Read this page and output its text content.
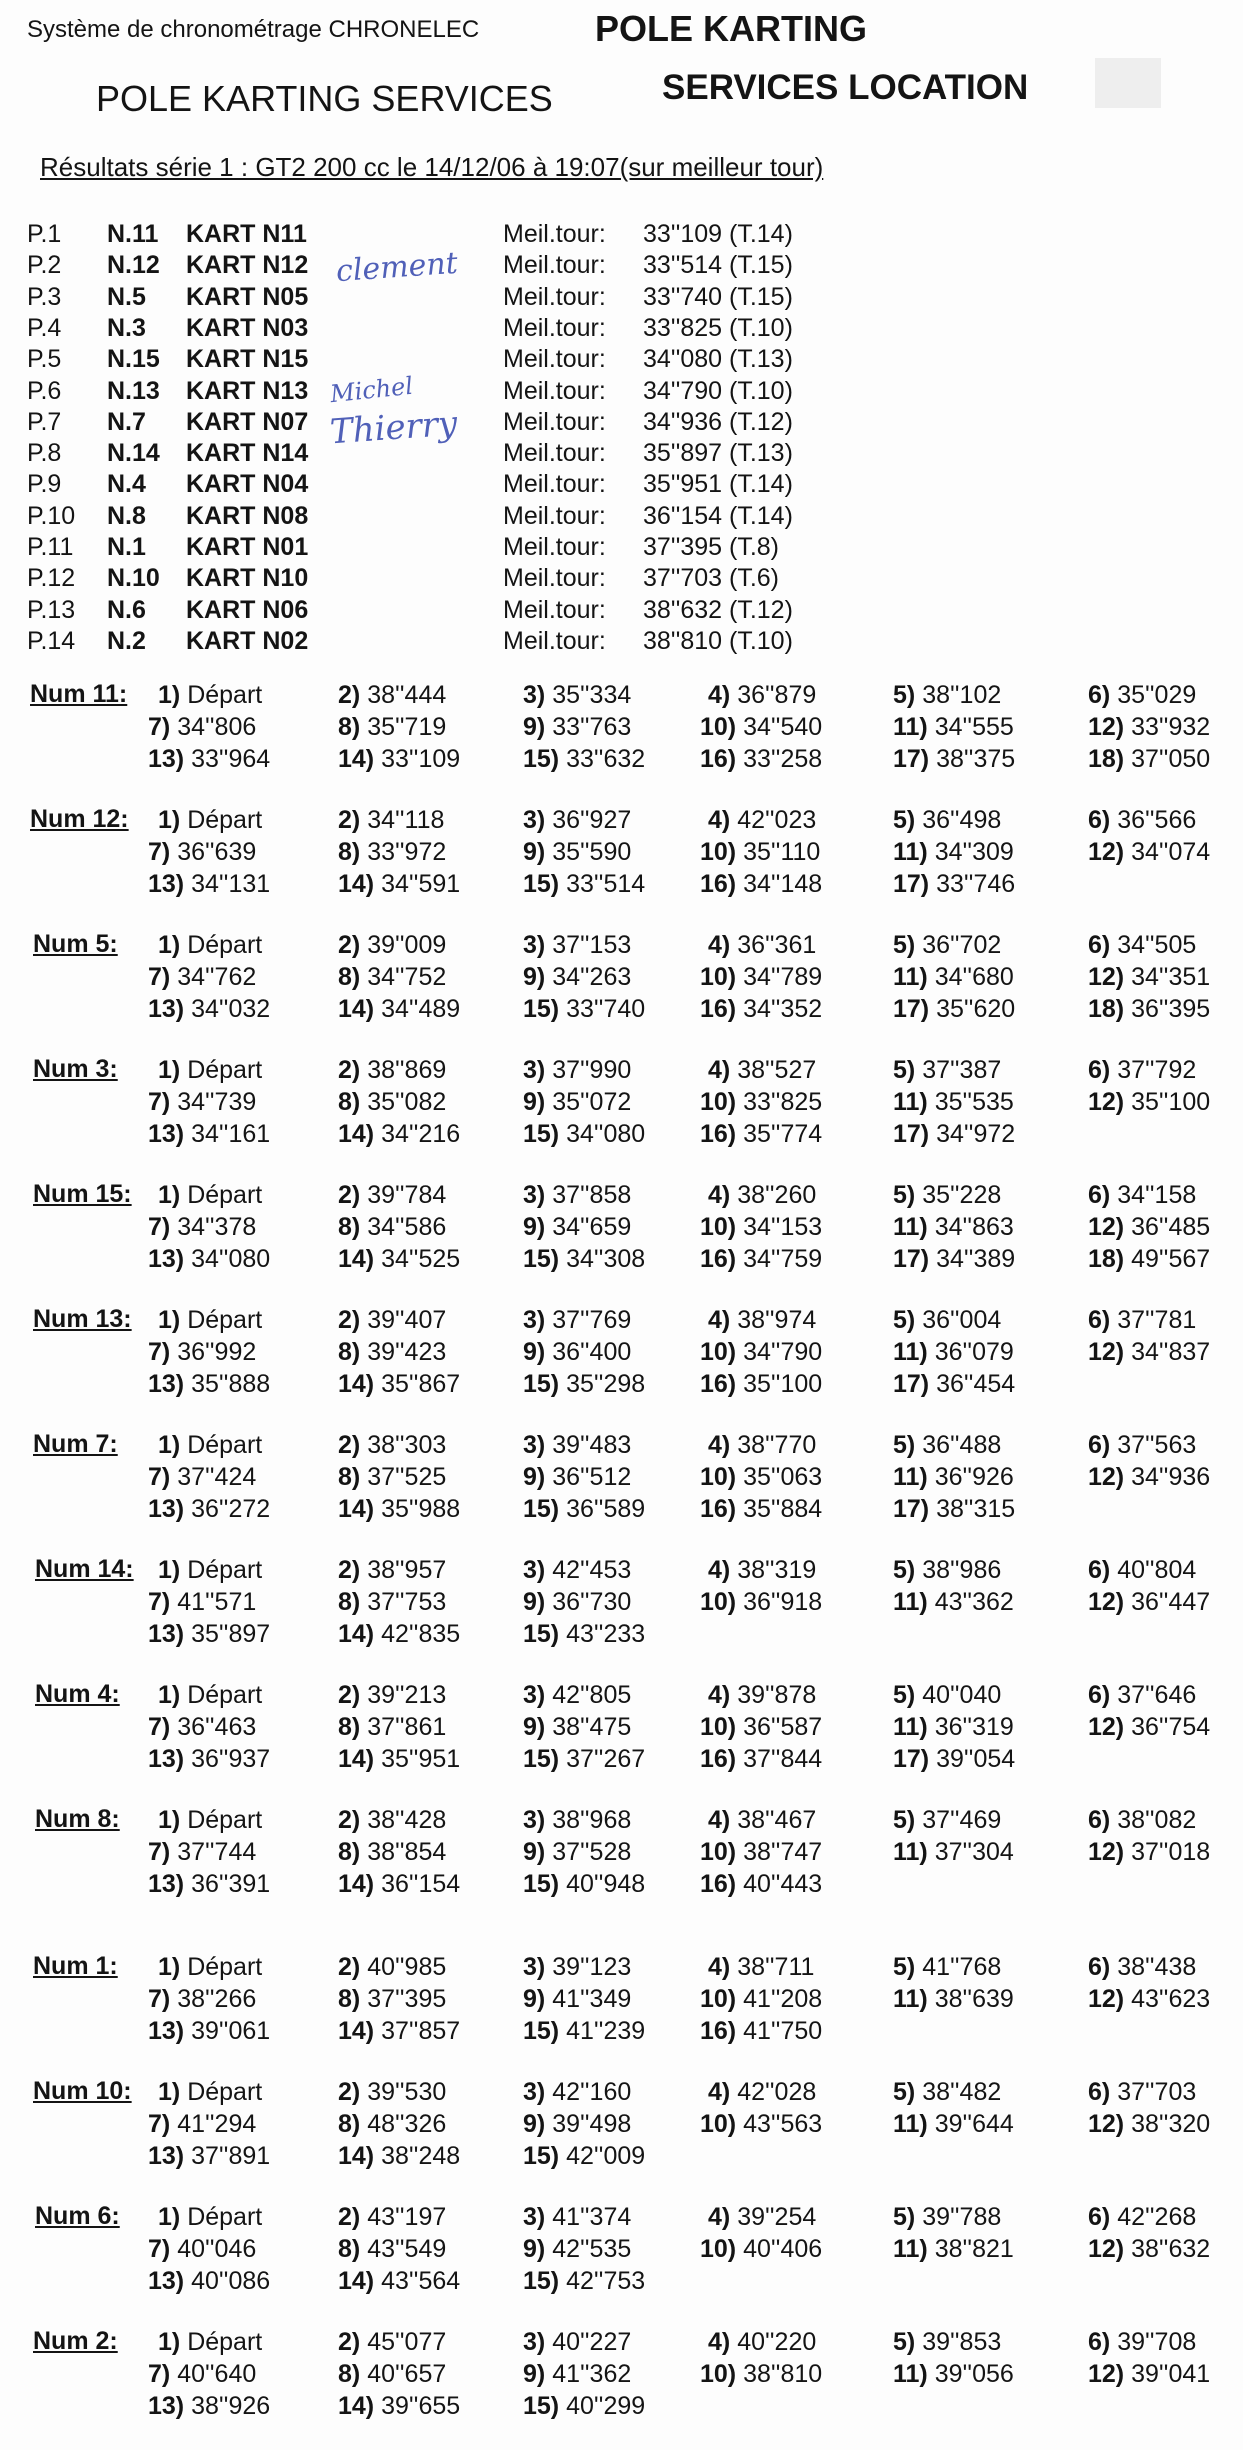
Système de chronométrage CHRONELEC	POLE KARTING
POLE KARTING SERVICES	SERVICES LOCATION
Résultats série 1 : GT2 200 cc le 14/12/06 à 19:07(sur meilleur tour)
P.1 N.11 KART N11	Meil.tour: 33''109 (T.14)
P.2 N.12 KART N12	Meil.tour: 33''514 (T.15)
P.3 N.5 KART N05	Meil.tour: 33''740 (T.15)
P.4 N.3 KART N03	Meil.tour: 33''825 (T.10)
P.5 N.15 KART N15	Meil.tour: 34''080 (T.13)
P.6 N.13 KART N13	Meil.tour: 34''790 (T.10)
P.7 N.7 KART N07	Meil.tour: 34''936 (T.12)
P.8 N.14 KART N14	Meil.tour: 35''897 (T.13)
P.9 N.4 KART N04	Meil.tour: 35''951 (T.14)
P.10 N.8 KART N08	Meil.tour: 36''154 (T.14)
P.11 N.1 KART N01	Meil.tour: 37''395 (T.8)
P.12 N.10 KART N10	Meil.tour: 37''703 (T.6)
P.13 N.6 KART N06	Meil.tour: 38''632 (T.12)
P.14 N.2 KART N02	Meil.tour: 38''810 (T.10)
clement
Michel
Thierry
Num 11: 1) Départ	2) 38''444	3) 35''334	4) 36''879	5) 38''102	6) 35''029
7) 34''806	8) 35''719	9) 33''763	10) 34''540	11) 34''555	12) 33''932
13) 33''964	14) 33''109	15) 33''632 16) 33''258	17) 38''375	18) 37''050
Num 12: 1) Départ	2) 34''118	3) 36''927	4) 42''023	5) 36''498	6) 36''566
7) 36''639	8) 33''972	9) 35''590	10) 35''110	11) 34''309	12) 34''074
13) 34''131	14) 34''591	15) 33''514 16) 34''148	17) 33''746
Num 5: 1) Départ	2) 39''009	3) 37''153	4) 36''361	5) 36''702	6) 34''505
7) 34''762	8) 34''752	9) 34''263	10) 34''789	11) 34''680	12) 34''351
13) 34''032	14) 34''489	15) 33''740 16) 34''352	17) 35''620	18) 36''395
Num 3: 1) Départ	2) 38''869	3) 37''990	4) 38''527	5) 37''387	6) 37''792
7) 34''739	8) 35''082	9) 35''072	10) 33''825	11) 35''535	12) 35''100
13) 34''161	14) 34''216	15) 34''080 16) 35''774	17) 34''972
Num 15: 1) Départ	2) 39''784	3) 37''858	4) 38''260	5) 35''228	6) 34''158
7) 34''378	8) 34''586	9) 34''659	10) 34''153	11) 34''863	12) 36''485
13) 34''080	14) 34''525	15) 34''308 16) 34''759	17) 34''389	18) 49''567
Num 13: 1) Départ	2) 39''407	3) 37''769	4) 38''974	5) 36''004	6) 37''781
7) 36''992	8) 39''423	9) 36''400	10) 34''790	11) 36''079	12) 34''837
13) 35''888	14) 35''867	15) 35''298 16) 35''100	17) 36''454
Num 7: 1) Départ	2) 38''303	3) 39''483	4) 38''770	5) 36''488	6) 37''563
7) 37''424	8) 37''525	9) 36''512	10) 35''063	11) 36''926	12) 34''936
13) 36''272	14) 35''988	15) 36''589 16) 35''884	17) 38''315
Num 14: 1) Départ	2) 38''957	3) 42''453	4) 38''319	5) 38''986	6) 40''804
7) 41''571	8) 37''753	9) 36''730	10) 36''918	11) 43''362	12) 36''447
13) 35''897	14) 42''835	15) 43''233
Num 4: 1) Départ	2) 39''213	3) 42''805	4) 39''878	5) 40''040	6) 37''646
7) 36''463	8) 37''861	9) 38''475	10) 36''587	11) 36''319	12) 36''754
13) 36''937	14) 35''951	15) 37''267 16) 37''844	17) 39''054
Num 8: 1) Départ	2) 38''428	3) 38''968	4) 38''467	5) 37''469	6) 38''082
7) 37''744	8) 38''854	9) 37''528	10) 38''747	11) 37''304	12) 37''018
13) 36''391	14) 36''154	15) 40''948 16) 40''443
Num 1: 1) Départ	2) 40''985	3) 39''123	4) 38''711	5) 41''768	6) 38''438
7) 38''266	8) 37''395	9) 41''349	10) 41''208	11) 38''639	12) 43''623
13) 39''061	14) 37''857	15) 41''239 16) 41''750
Num 10: 1) Départ	2) 39''530	3) 42''160	4) 42''028	5) 38''482	6) 37''703
7) 41''294	8) 48''326	9) 39''498	10) 43''563	11) 39''644	12) 38''320
13) 37''891	14) 38''248	15) 42''009
Num 6: 1) Départ	2) 43''197	3) 41''374	4) 39''254	5) 39''788	6) 42''268
7) 40''046	8) 43''549	9) 42''535	10) 40''406	11) 38''821	12) 38''632
13) 40''086	14) 43''564	15) 42''753
Num 2: 1) Départ	2) 45''077	3) 40''227	4) 40''220	5) 39''853	6) 39''708
7) 40''640	8) 40''657	9) 41''362	10) 38''810	11) 39''056	12) 39''041
13) 38''926	14) 39''655	15) 40''299
